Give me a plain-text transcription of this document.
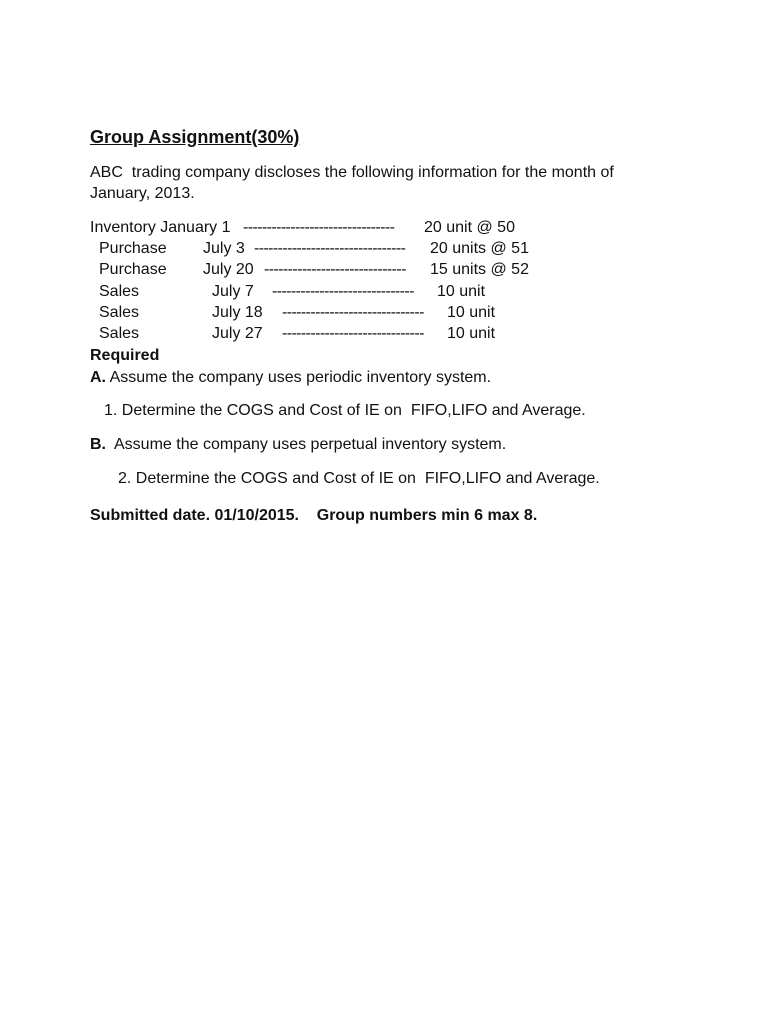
Group Assignment(30%)
ABC  trading company discloses the following information for the month of
January, 2013.
Inventory January 1 --------------------------------	20 unit @ 50
Purchase July 3 --------------------------------	20 units @ 51
Purchase July 20 ------------------------------	15 units @ 52
Sales	July 7 ------------------------------	10 unit
Sales	July 18 ------------------------------	10 unit
Sales	July 27 ------------------------------	10 unit
Required
A. Assume the company uses periodic inventory system.
1. Determine the COGS and Cost of IE on  FIFO,LIFO and Average.
B.  Assume the company uses perpetual inventory system.
2. Determine the COGS and Cost of IE on  FIFO,LIFO and Average.
Submitted date. 01/10/2015.    Group numbers min 6 max 8.
